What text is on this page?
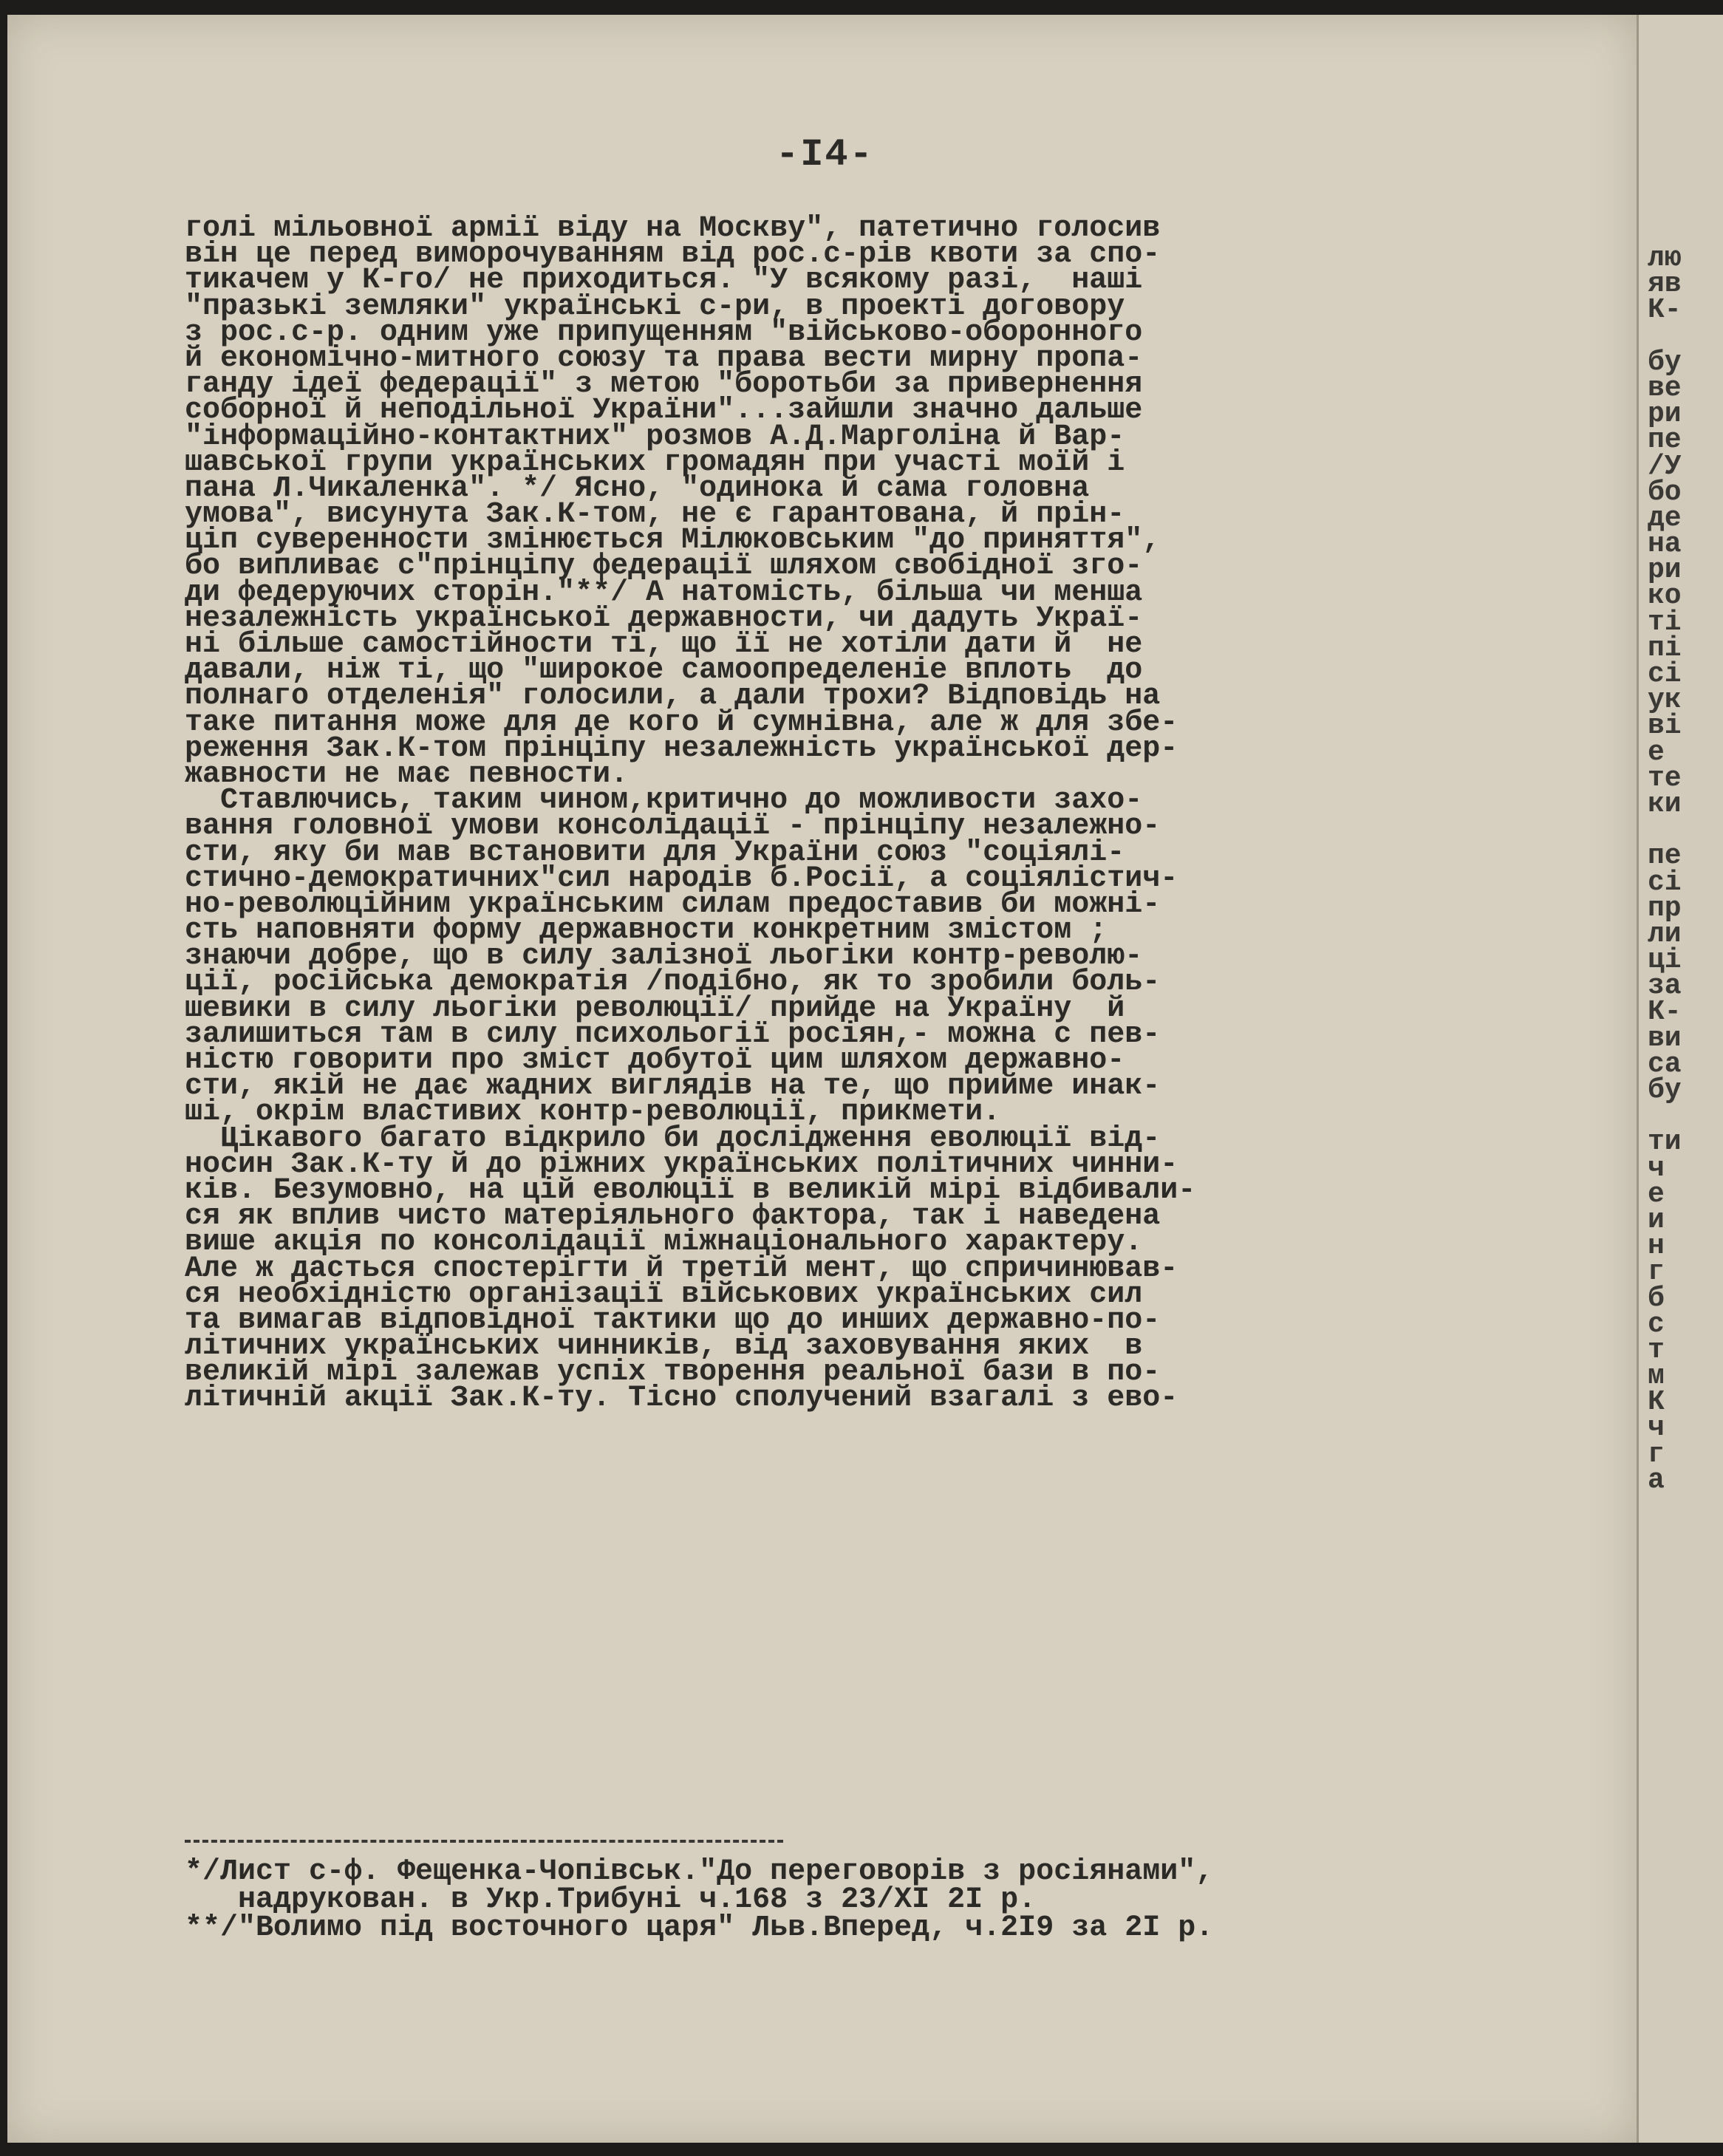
-I4-
голі мільовної армії віду на Москву", патетично голосив
він це перед виморочуванням від рос.с-рів квоти за спо-
тикачем у К-го/ не приходиться. "У всякому разі,  наші
"празькі земляки" українські с-ри, в проекті договору
з рос.с-р. одним уже припущенням "військово-оборонного
й економічно-митного союзу та права вести мирну пропа-
ганду ідеї федерації" з метою "боротьби за привернення
соборної й неподільної України"...зайшли значно дальше
"інформаційно-контактних" розмов А.Д.Марголіна й Вар-
шавської групи українських громадян при участі моїй і
пана Л.Чикаленка". */ Ясно, "одинока й сама головна
умова", висунута Зак.К-том, не є гарантована, й прін-
ціп суверенности змінюється Мілюковським "до приняття",
бо випливає с"прінціпу федерації шляхом свобідної зго-
ди федеруючих сторін."**/ А натомість, більша чи менша
незалежність української державности, чи дадуть Украї-
ні більше самостійности ті, що її не хотіли дати й  не
давали, ніж ті, що "широкое самоопределеніе вплоть  до
полнаго отделенія" голосили, а дали трохи? Відповідь на
таке питання може для де кого й сумнівна, але ж для збе-
реження Зак.К-том прінціпу незалежність української дер-
жавности не має певности.
Ставлючись, таким чином,критично до можливости захо-
вання головної умови консолідації - прінціпу незалежно-
сти, яку би мав встановити для України союз "соціялі-
стично-демократичних"сил народів б.Росії, а соціялістич-
но-революційним українським силам предоставив би можні-
сть наповняти форму державности конкретним змістом ;
знаючи добре, що в силу залізної льогіки контр-револю-
ції, російська демократія /подібно, як то зробили боль-
шевики в силу льогіки революції/ прийде на Україну  й
залишиться там в силу психольогії росіян,- можна с пев-
ністю говорити про зміст добутої цим шляхом державно-
сти, якій не дає жадних виглядів на те, що прийме инак-
ші, окрім властивих контр-революції, прикмети.
Цікавого багато відкрило би дослідження еволюції від-
носин Зак.К-ту й до ріжних українських політичних чинни-
ків. Безумовно, на цій еволюції в великій мірі відбивали-
ся як вплив чисто матеріяльного фактора, так і наведена
више акція по консолідації міжнаціонального характеру.
Але ж дасться спостерігти й третій мент, що спричинював-
ся необхідністю організації військових українських сил
та вимагав відповідної тактики що до инших державно-по-
літичних українських чинників, від заховування яких  в
великій мірі залежав успіх творення реальної бази в по-
літичній акції Зак.К-ту. Тісно сполучений взагалі з ево-
*/Лист с-ф. Фещенка-Чопівськ."До переговорів з росіянами",
надрукован. в Укр.Трибуні ч.168 з 23/ХІ 2І р.
**/"Волимо під восточного царя" Льв.Вперед, ч.2І9 за 2І р.
лю
яв
К-
бу
ве
ри
пе
/У
бо
де
на
ри
ко
ті
пі
сі
ук
ві
е
те
ки
пе
сі
пр
ли
ці
за
К-
ви
са
бу
ти
ч
е
и
н
г
б
с
т
м
К
ч
г
а
